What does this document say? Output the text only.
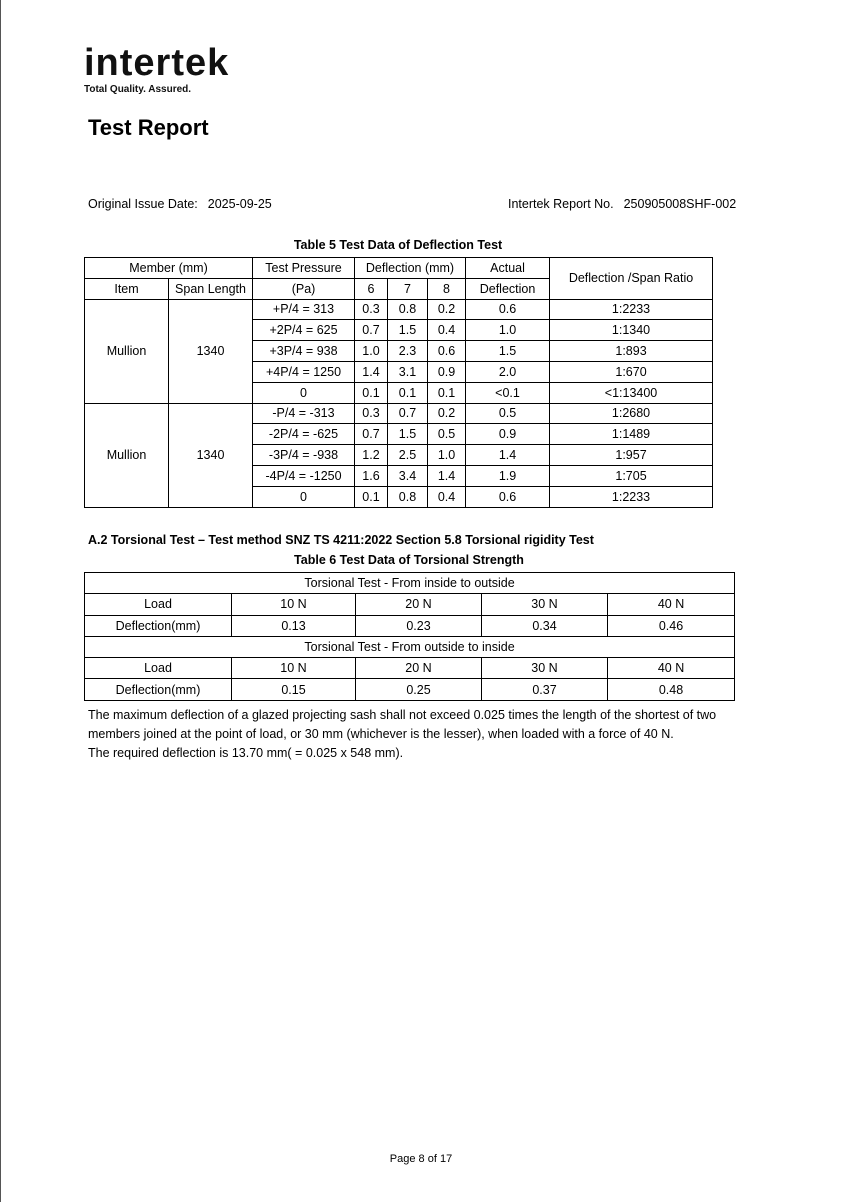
intertek
Total Quality. Assured.
Test Report
Original Issue Date: 2025-09-25	Intertek Report No. 250905008SHF-002
Table 5 Test Data of Deflection Test
Member (mm)		Test Pressure	Deflection (mm)			Actual	Deflection /Span Ratio
Item	Span Length	(Pa)	6	7	8	Deflection	
Mullion	1340	+P/4 = 313	0.3	0.8	0.2	0.6	1:2233
		+2P/4 = 625	0.7	1.5	0.4	1.0	1:1340
		+3P/4 = 938	1.0	2.3	0.6	1.5	1:893
		+4P/4 = 1250	1.4	3.1	0.9	2.0	1:670
		0	0.1	0.1	0.1	<0.1	<1:13400
Mullion	1340	-P/4 = -313	0.3	0.7	0.2	0.5	1:2680
		-2P/4 = -625	0.7	1.5	0.5	0.9	1:1489
		-3P/4 = -938	1.2	2.5	1.0	1.4	1:957
		-4P/4 = -1250	1.6	3.4	1.4	1.9	1:705
		0	0.1	0.8	0.4	0.6	1:2233
A.2 Torsional Test – Test method SNZ TS 4211:2022 Section 5.8 Torsional rigidity Test
Table 6 Test Data of Torsional Strength
Torsional Test - From inside to outside				
Load	10 N	20 N	30 N	40 N
Deflection(mm)	0.13	0.23	0.34	0.46
Torsional Test - From outside to inside				
Load	10 N	20 N	30 N	40 N
Deflection(mm)	0.15	0.25	0.37	0.48
The maximum deflection of a glazed projecting sash shall not exceed 0.025 times the length of the shortest of two
members joined at the point of load, or 30 mm (whichever is the lesser), when loaded with a force of 40 N.
The required deflection is 13.70 mm( = 0.025 x 548 mm).
Page 8 of 17
